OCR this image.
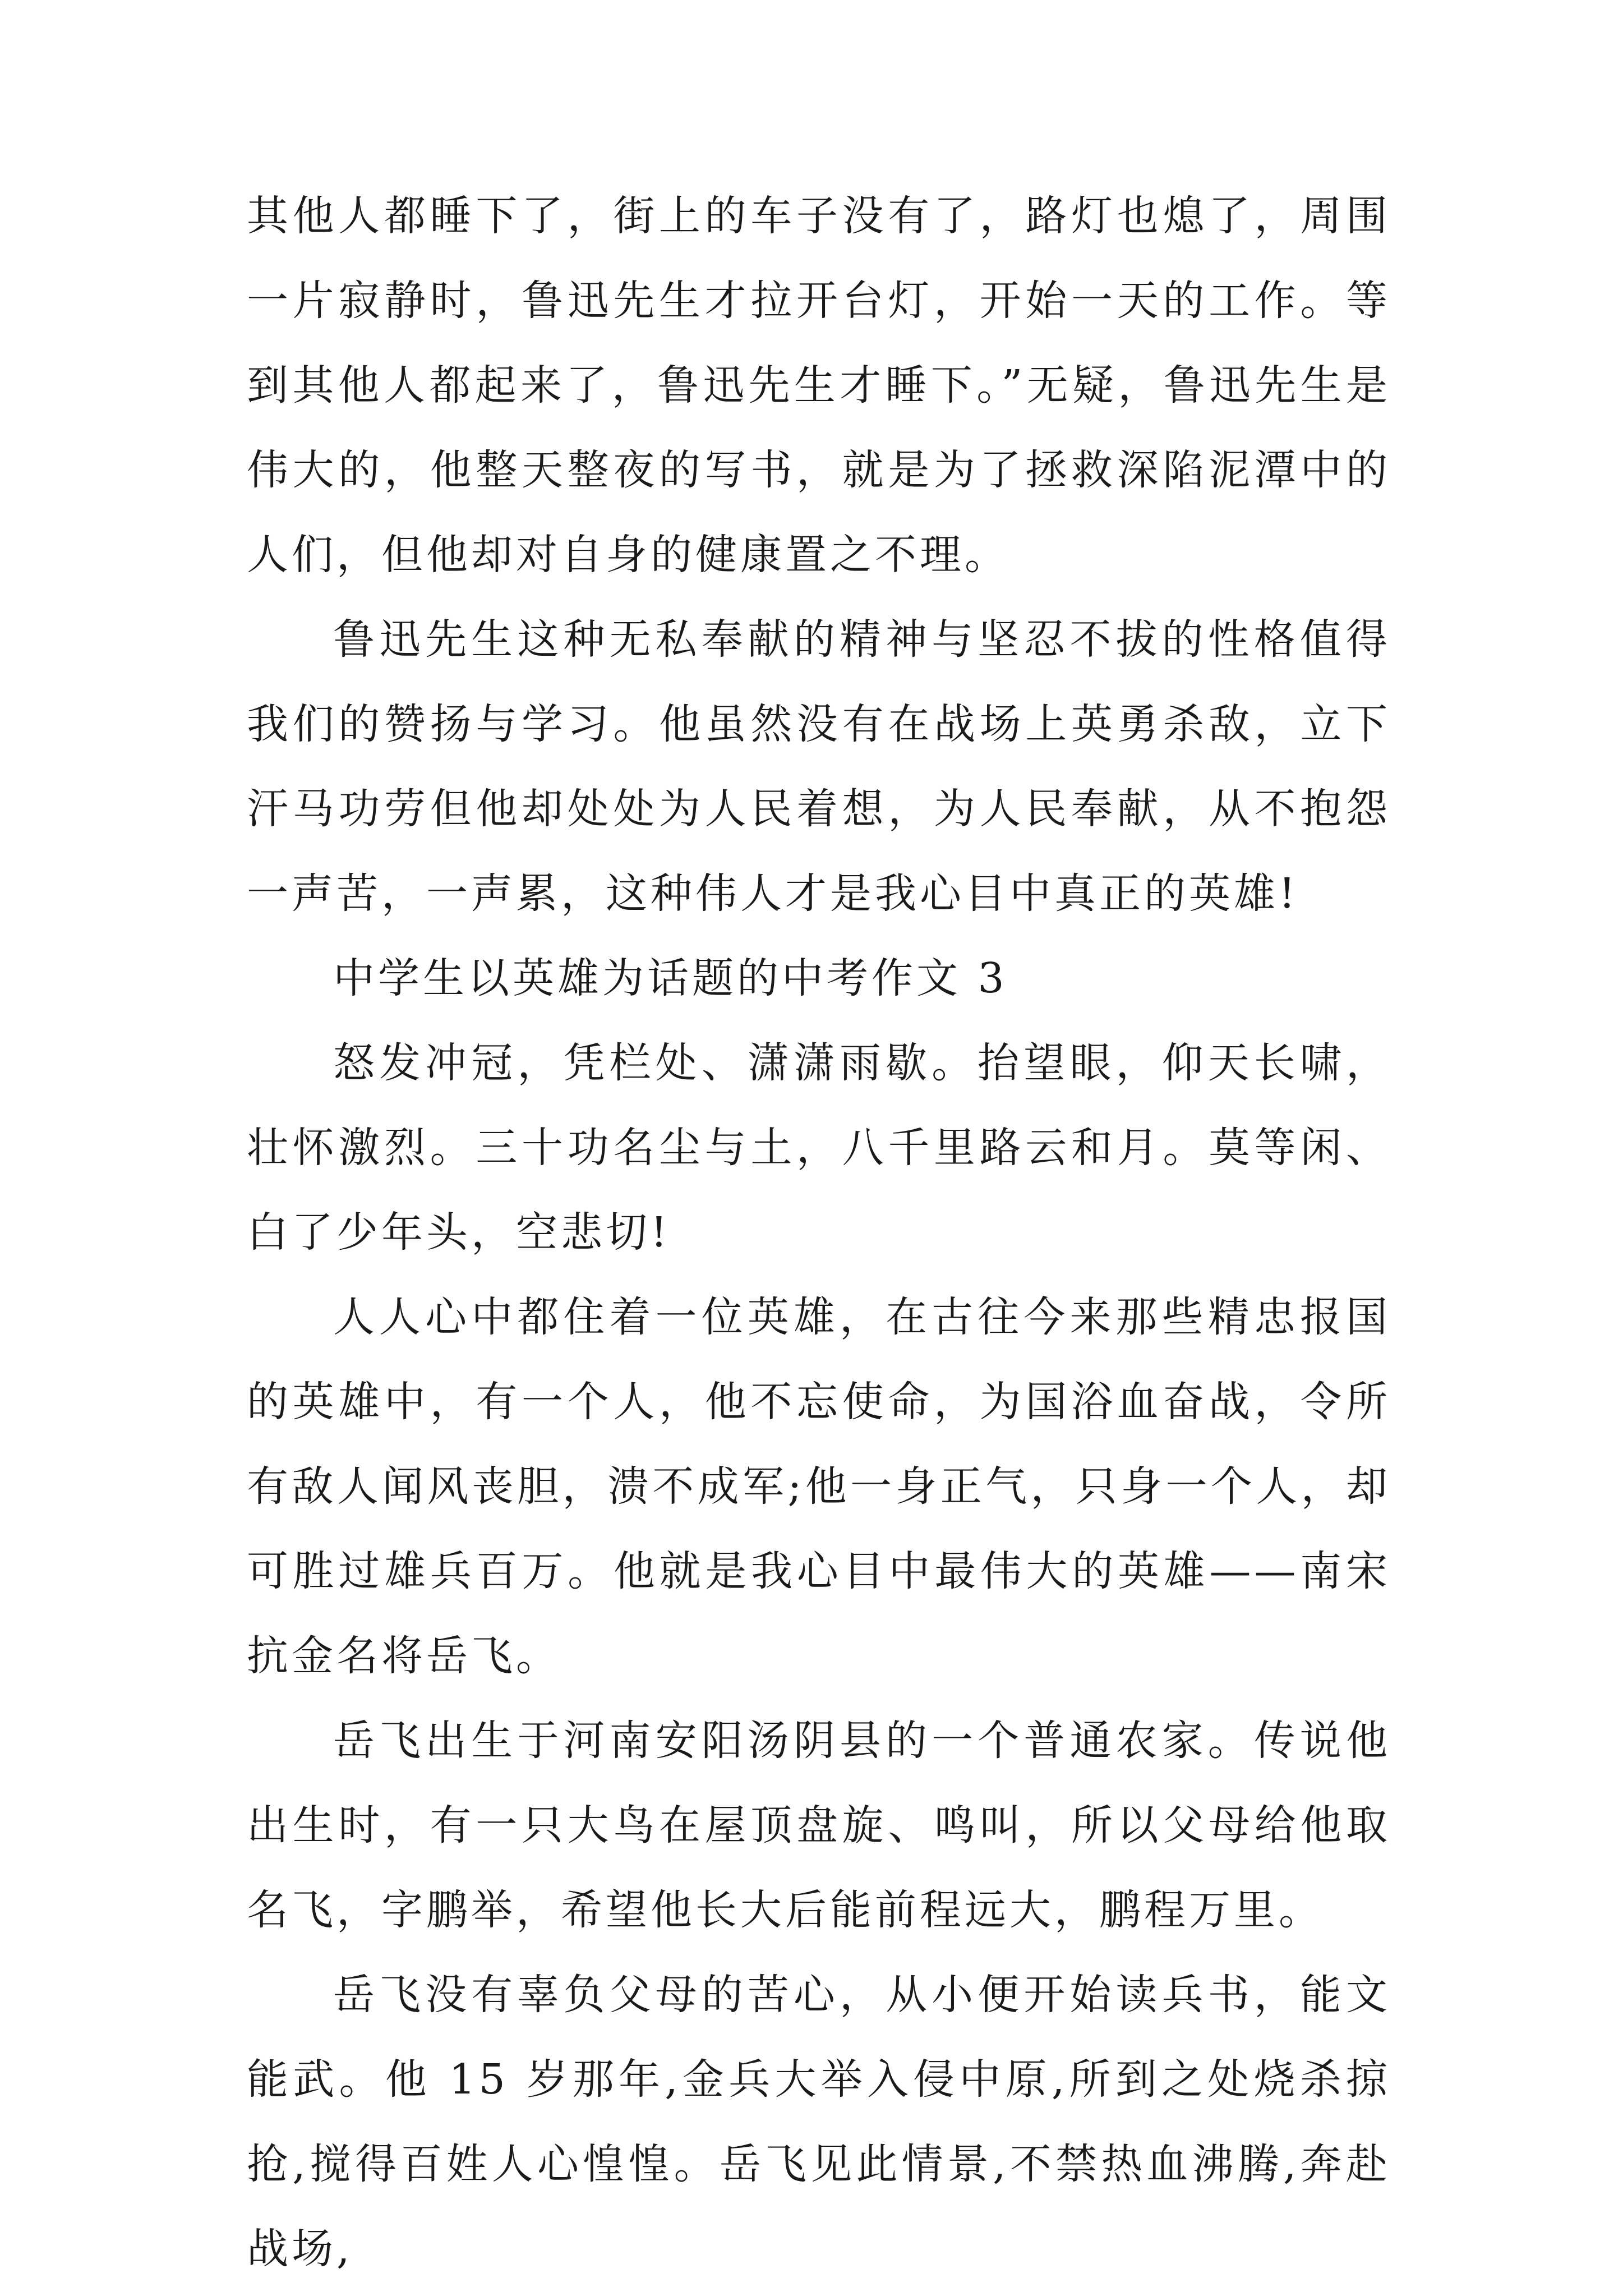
其他人都睡下了，街上的车子没有了，路灯也熄了，周围一片寂静时，鲁迅先生才拉开台灯，开始一天的工作。等到其他人都起来了，鲁迅先生才睡下。”无疑，鲁迅先生是伟大的，他整天整夜的写书，就是为了拯救深陷泥潭中的人们，但他却对自身的健康置之不理。

鲁迅先生这种无私奉献的精神与坚忍不拔的性格值得我们的赞扬与学习。他虽然没有在战场上英勇杀敌，立下汗马功劳但他却处处为人民着想，为人民奉献，从不抱怨一声苦，一声累，这种伟人才是我心目中真正的英雄!

中学生以英雄为话题的中考作文 3

怒发冲冠，凭栏处、潇潇雨歇。抬望眼，仰天长啸，壮怀激烈。三十功名尘与土，八千里路云和月。莫等闲、白了少年头，空悲切!

人人心中都住着一位英雄，在古往今来那些精忠报国的英雄中，有一个人，他不忘使命，为国浴血奋战，令所有敌人闻风丧胆，溃不成军;他一身正气，只身一个人，却可胜过雄兵百万。他就是我心目中最伟大的英雄——南宋抗金名将岳飞。

岳飞出生于河南安阳汤阴县的一个普通农家。传说他出生时，有一只大鸟在屋顶盘旋、鸣叫，所以父母给他取名飞，字鹏举，希望他长大后能前程远大，鹏程万里。

岳飞没有辜负父母的苦心，从小便开始读兵书，能文能武。他 15 岁那年,金兵大举入侵中原,所到之处烧杀掠抢,搅得百姓人心惶惶。岳飞见此情景,不禁热血沸腾,奔赴战场,
